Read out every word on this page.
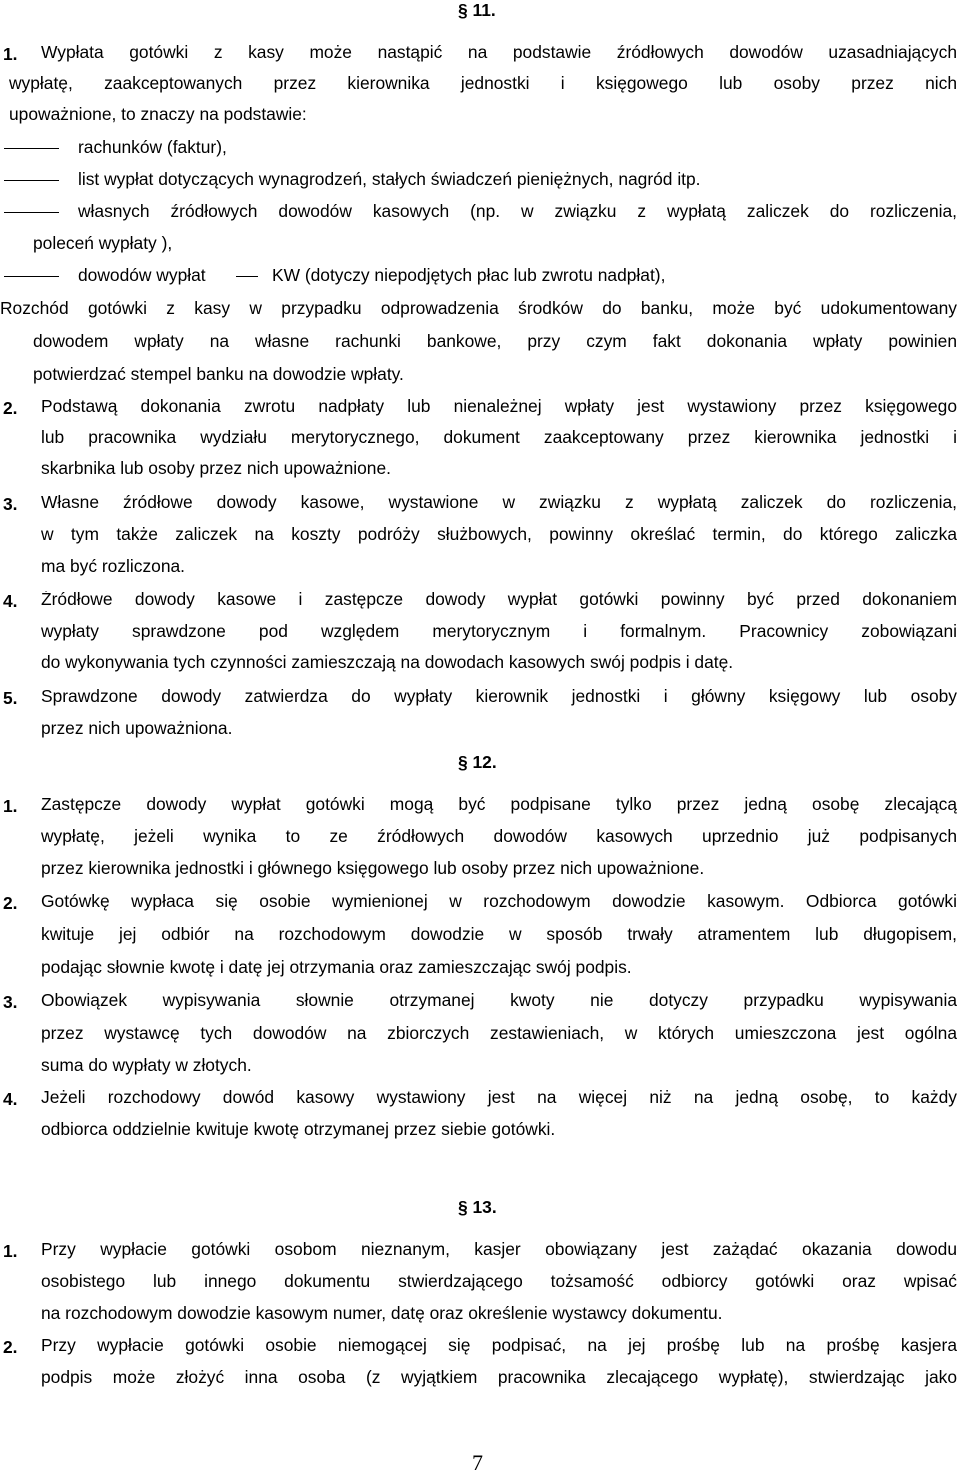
§ 11.
1. Wypłata gotówki z kasy może nastąpić na podstawie źródłowych dowodów uzasadniających
wypłatę, zaakceptowanych przez kierownika jednostki i księgowego lub osoby przez nich
upoważnione, to znaczy na podstawie:
rachunków (faktur),
list wypłat dotyczących wynagrodzeń, stałych świadczeń pieniężnych, nagród itp.
własnych źródłowych dowodów kasowych (np. w związku z wypłatą zaliczek do rozliczenia,
poleceń wypłaty ),
dowodów wypłat	KW (dotyczy niepodjętych płac lub zwrotu nadpłat),
Rozchód gotówki z kasy w przypadku odprowadzenia środków do banku, może być udokumentowany
dowodem wpłaty na własne rachunki bankowe, przy czym fakt dokonania wpłaty powinien
potwierdzać stempel banku na dowodzie wpłaty.
2. Podstawą dokonania zwrotu nadpłaty lub nienależnej wpłaty jest wystawiony przez księgowego
lub pracownika wydziału merytorycznego, dokument zaakceptowany przez kierownika jednostki i
skarbnika lub osoby przez nich upoważnione.
3. Własne źródłowe dowody kasowe, wystawione w związku z wypłatą zaliczek do rozliczenia,
w tym także zaliczek na koszty podróży służbowych, powinny określać termin, do którego zaliczka
ma być rozliczona.
4. Źródłowe dowody kasowe i zastępcze dowody wypłat gotówki powinny być przed dokonaniem
wypłaty sprawdzone pod względem merytorycznym i formalnym. Pracownicy zobowiązani
do wykonywania tych czynności zamieszczają na dowodach kasowych swój podpis i datę.
5. Sprawdzone dowody zatwierdza do wypłaty kierownik jednostki i główny księgowy lub osoby
przez nich upoważniona.
§ 12.
1. Zastępcze dowody wypłat gotówki mogą być podpisane tylko przez jedną osobę zlecającą
wypłatę, jeżeli wynika to ze źródłowych dowodów kasowych uprzednio już podpisanych
przez kierownika jednostki i głównego księgowego lub osoby przez nich upoważnione.
2. Gotówkę wypłaca się osobie wymienionej w rozchodowym dowodzie kasowym. Odbiorca gotówki
kwituje jej odbiór na rozchodowym dowodzie w sposób trwały atramentem lub długopisem,
podając słownie kwotę i datę jej otrzymania oraz zamieszczając swój podpis.
3. Obowiązek wypisywania słownie otrzymanej kwoty nie dotyczy przypadku wypisywania
przez wystawcę tych dowodów na zbiorczych zestawieniach, w których umieszczona jest ogólna
suma do wypłaty w złotych.
4. Jeżeli rozchodowy dowód kasowy wystawiony jest na więcej niż na jedną osobę, to każdy
odbiorca oddzielnie kwituje kwotę otrzymanej przez siebie gotówki.
§ 13.
1. Przy wypłacie gotówki osobom nieznanym, kasjer obowiązany jest zażądać okazania dowodu
osobistego lub innego dokumentu stwierdzającego tożsamość odbiorcy gotówki oraz wpisać
na rozchodowym dowodzie kasowym numer, datę oraz określenie wystawcy dokumentu.
2. Przy wypłacie gotówki osobie niemogącej się podpisać, na jej prośbę lub na prośbę kasjera
podpis może złożyć inna osoba (z wyjątkiem pracownika zlecającego wypłatę), stwierdzając jako
7
